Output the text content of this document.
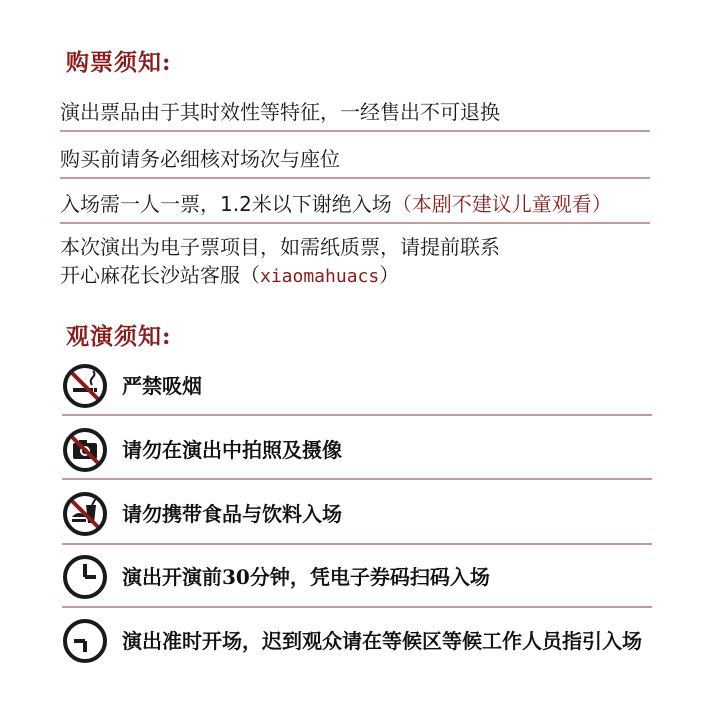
购票须知:
演出票品由于其时效性等特征，一经售出不可退换
购买前请务必细核对场次与座位
入场需一人一票，1.2米以下谢绝入场（本剧不建议儿童观看）
本次演出为电子票项目，如需纸质票，请提前联系
开心麻花长沙站客服（xiaomahuacs）
观演须知:
严禁吸烟
请勿在演出中拍照及摄像
请勿携带食品与饮料入场
演出开演前30分钟，凭电子券码扫码入场
演出准时开场，迟到观众请在等候区等候工作人员指引入场
